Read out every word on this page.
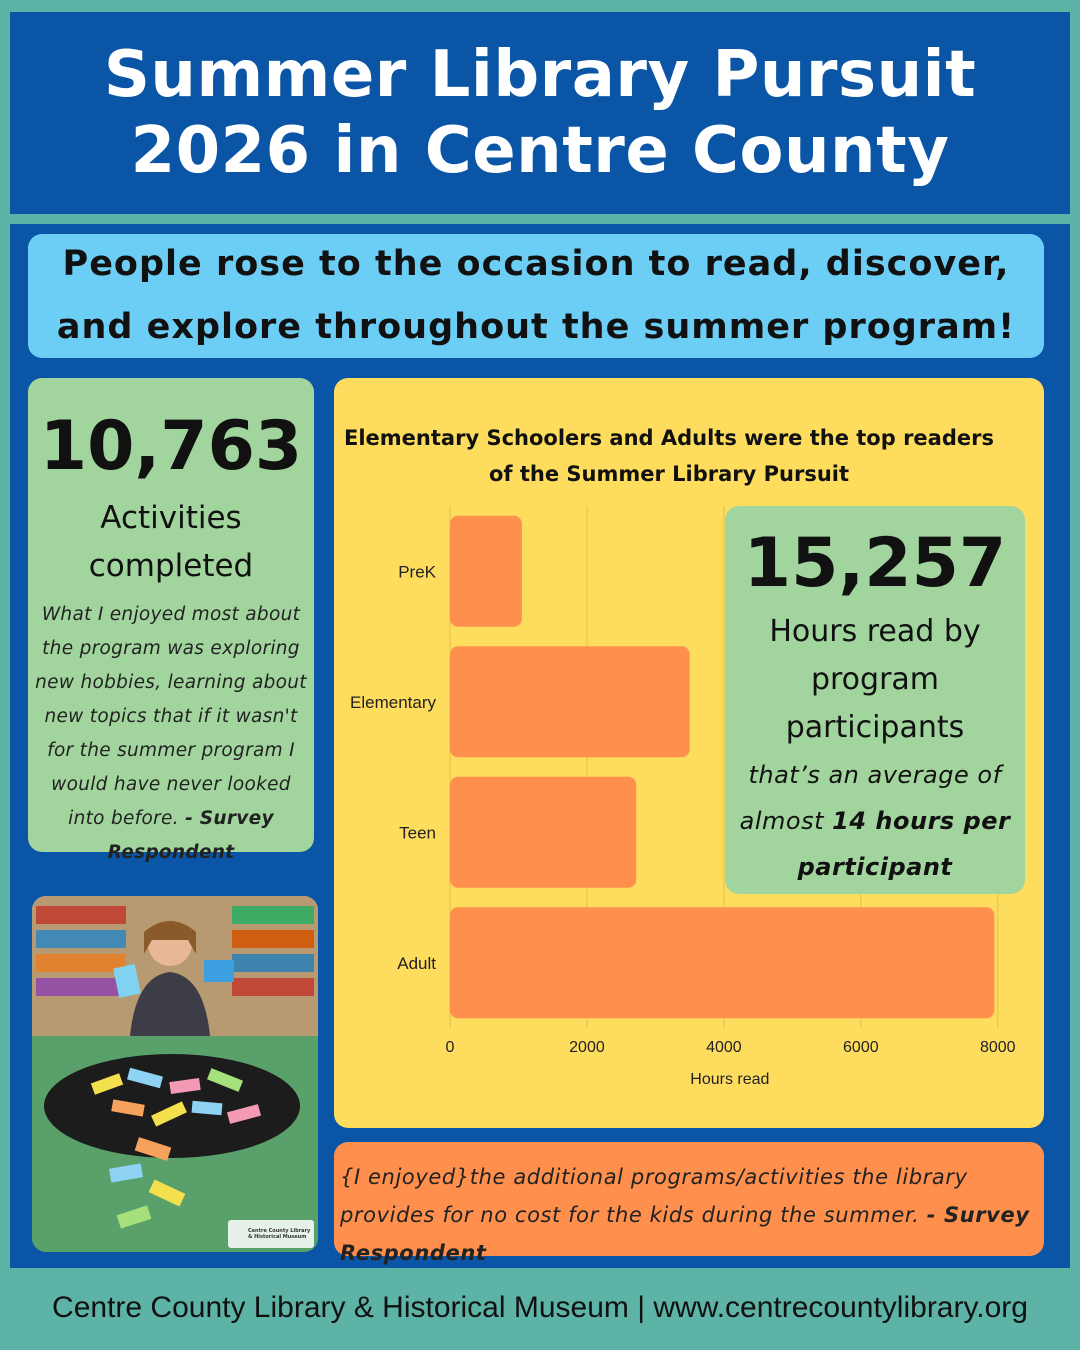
Summer Library Pursuit
2026 in Centre County
People rose to the occasion to read, discover,
and explore throughout the summer program!
10,763
Activities
completed
What I enjoyed most about the program was exploring new hobbies, learning about new topics that if it wasn't for the summer program I would have never looked into before. - Survey Respondent
Elementary Schoolers and Adults were the top readers
of the Summer Library Pursuit
0	2000	4000	6000	8000
PreK
Elementary
Teen
Adult
Hours read
15,257
Hours read by
program
participants
that’s an average of
almost 14 hours per
participant
Centre County Library & Historical Museum
{I enjoyed}the additional programs/activities the library provides for no cost for the kids during the summer. - Survey Respondent
Centre County Library & Historical Museum | www.centrecountylibrary.org
